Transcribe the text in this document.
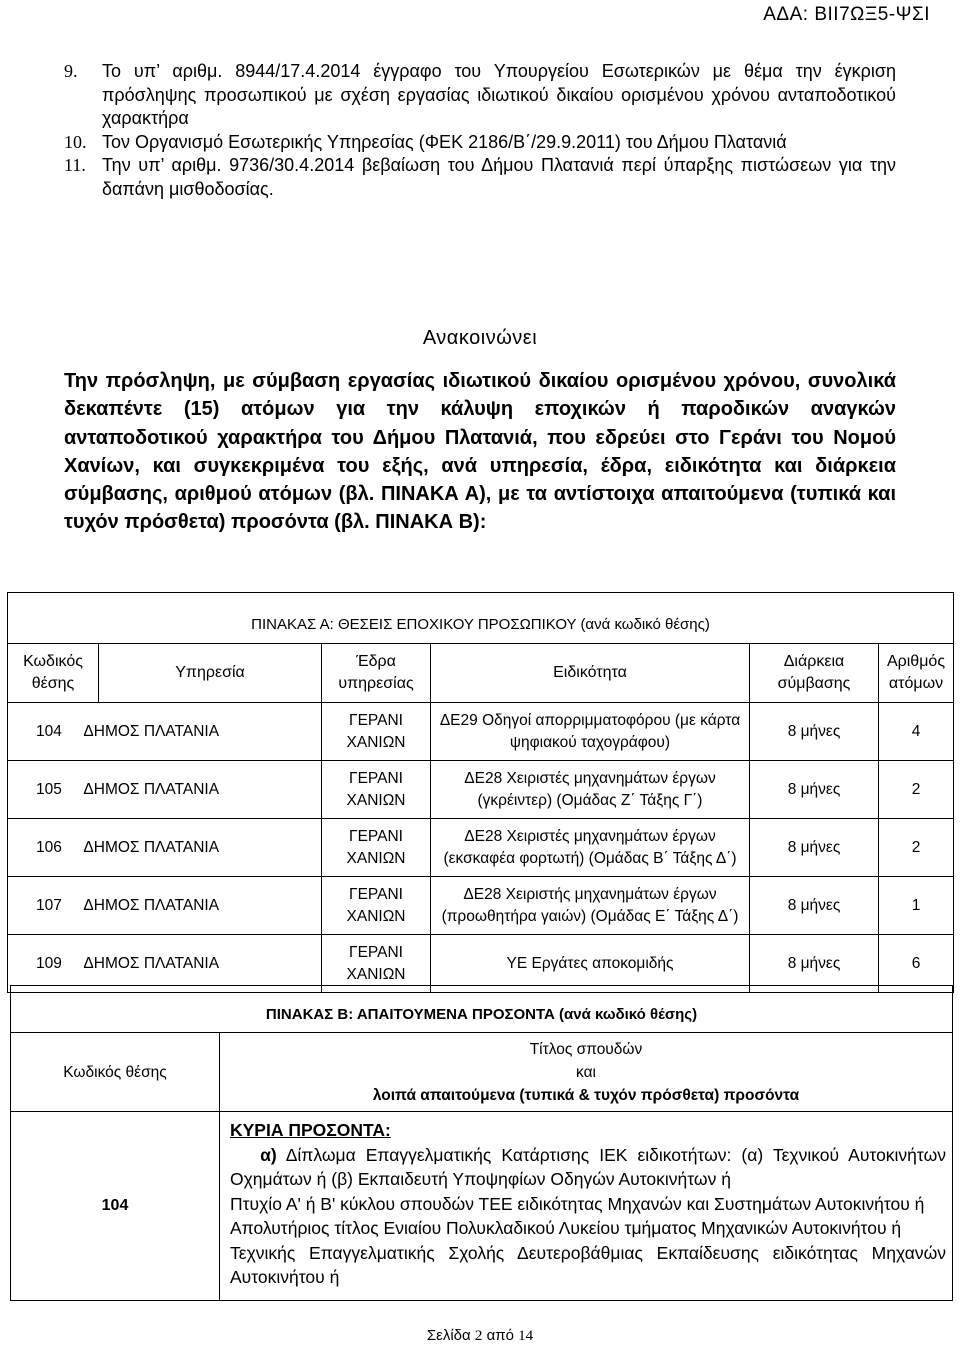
ΑΔΑ: ΒΙΙ7ΩΞ5-ΨΣΙ
9. Το υπ’ αριθμ. 8944/17.4.2014 έγγραφο του Υπουργείου Εσωτερικών με θέμα την έγκριση πρόσληψης προσωπικού με σχέση εργασίας ιδιωτικού δικαίου ορισμένου χρόνου ανταποδοτικού χαρακτήρα
10. Τον Οργανισμό Εσωτερικής Υπηρεσίας (ΦΕΚ 2186/Β΄/29.9.2011) του Δήμου Πλατανιά
11. Την υπ’ αριθμ. 9736/30.4.2014 βεβαίωση του Δήμου Πλατανιά περί ύπαρξης πιστώσεων για την δαπάνη μισθοδοσίας.
Ανακοινώνει
Την πρόσληψη, με σύμβαση εργασίας ιδιωτικού δικαίου ορισμένου χρόνου, συνολικά δεκαπέντε (15) ατόμων για την κάλυψη εποχικών ή παροδικών αναγκών ανταποδοτικού χαρακτήρα του Δήμου Πλατανιά, που εδρεύει στο Γεράνι του Νομού Χανίων, και συγκεκριμένα του εξής, ανά υπηρεσία, έδρα, ειδικότητα και διάρκεια σύμβασης, αριθμού ατόμων (βλ. ΠΙΝΑΚΑ Α), με τα αντίστοιχα απαιτούμενα (τυπικά και τυχόν πρόσθετα) προσόντα (βλ. ΠΙΝΑΚΑ Β):
ΠΙΝΑΚΑΣ Α: ΘΕΣΕΙΣ ΕΠΟΧΙΚΟΥ ΠΡΟΣΩΠΙΚΟΥ (ανά κωδικό θέσης)					
Κωδικός θέσης	Υπηρεσία	Έδρα υπηρεσίας	Ειδικότητα	Διάρκεια σύμβασης	Αριθμός ατόμων
104 ΔΗΜΟΣ ΠΛΑΤΑΝΙΑ		ΓΕΡΑΝΙ ΧΑΝΙΩΝ	ΔΕ29 Οδηγοί απορριμματοφόρου (με κάρτα ψηφιακού ταχογράφου)	8 μήνες	4
105 ΔΗΜΟΣ ΠΛΑΤΑΝΙΑ		ΓΕΡΑΝΙ ΧΑΝΙΩΝ	ΔΕ28 Χειριστές μηχανημάτων έργων (γκρέιντερ) (Ομάδας Ζ΄ Τάξης Γ΄)	8 μήνες	2
106 ΔΗΜΟΣ ΠΛΑΤΑΝΙΑ		ΓΕΡΑΝΙ ΧΑΝΙΩΝ	ΔΕ28 Χειριστές μηχανημάτων έργων (εκσκαφέα φορτωτή) (Ομάδας Β΄ Τάξης Δ΄)	8 μήνες	2
107 ΔΗΜΟΣ ΠΛΑΤΑΝΙΑ		ΓΕΡΑΝΙ ΧΑΝΙΩΝ	ΔΕ28 Χειριστής μηχανημάτων έργων (προωθητήρα γαιών) (Ομάδας Ε΄ Τάξης Δ΄)	8 μήνες	1
109 ΔΗΜΟΣ ΠΛΑΤΑΝΙΑ		ΓΕΡΑΝΙ ΧΑΝΙΩΝ	ΥΕ Εργάτες αποκομιδής	8 μήνες	6
ΠΙΝΑΚΑΣ Β: ΑΠΑΙΤΟΥΜΕΝΑ ΠΡΟΣΟΝΤΑ (ανά κωδικό θέσης)	
Κωδικός θέσης	Τίτλος σπουδών
και
λοιπά απαιτούμενα (τυπικά & τυχόν πρόσθετα) προσόντα

104	ΚΥΡΙΑ ΠΡΟΣΟΝΤΑ:

α) Δίπλωμα Επαγγελματικής Κατάρτισης ΙΕΚ ειδικοτήτων: (α) Τεχνικού Αυτοκινήτων Οχημάτων ή (β) Εκπαιδευτή Υποψηφίων Οδηγών Αυτοκινήτων ή

Πτυχίο Α' ή Β' κύκλου σπουδών ΤΕΕ ειδικότητας Μηχανών και Συστημάτων Αυτοκινήτου ή

Απολυτήριος τίτλος Ενιαίου Πολυκλαδικού Λυκείου τμήματος Μηχανικών Αυτοκινήτου ή

Τεχνικής Επαγγελματικής Σχολής Δευτεροβάθμιας Εκπαίδευσης ειδικότητας Μηχανών Αυτοκινήτου ή

Σελίδα 2 από 14
